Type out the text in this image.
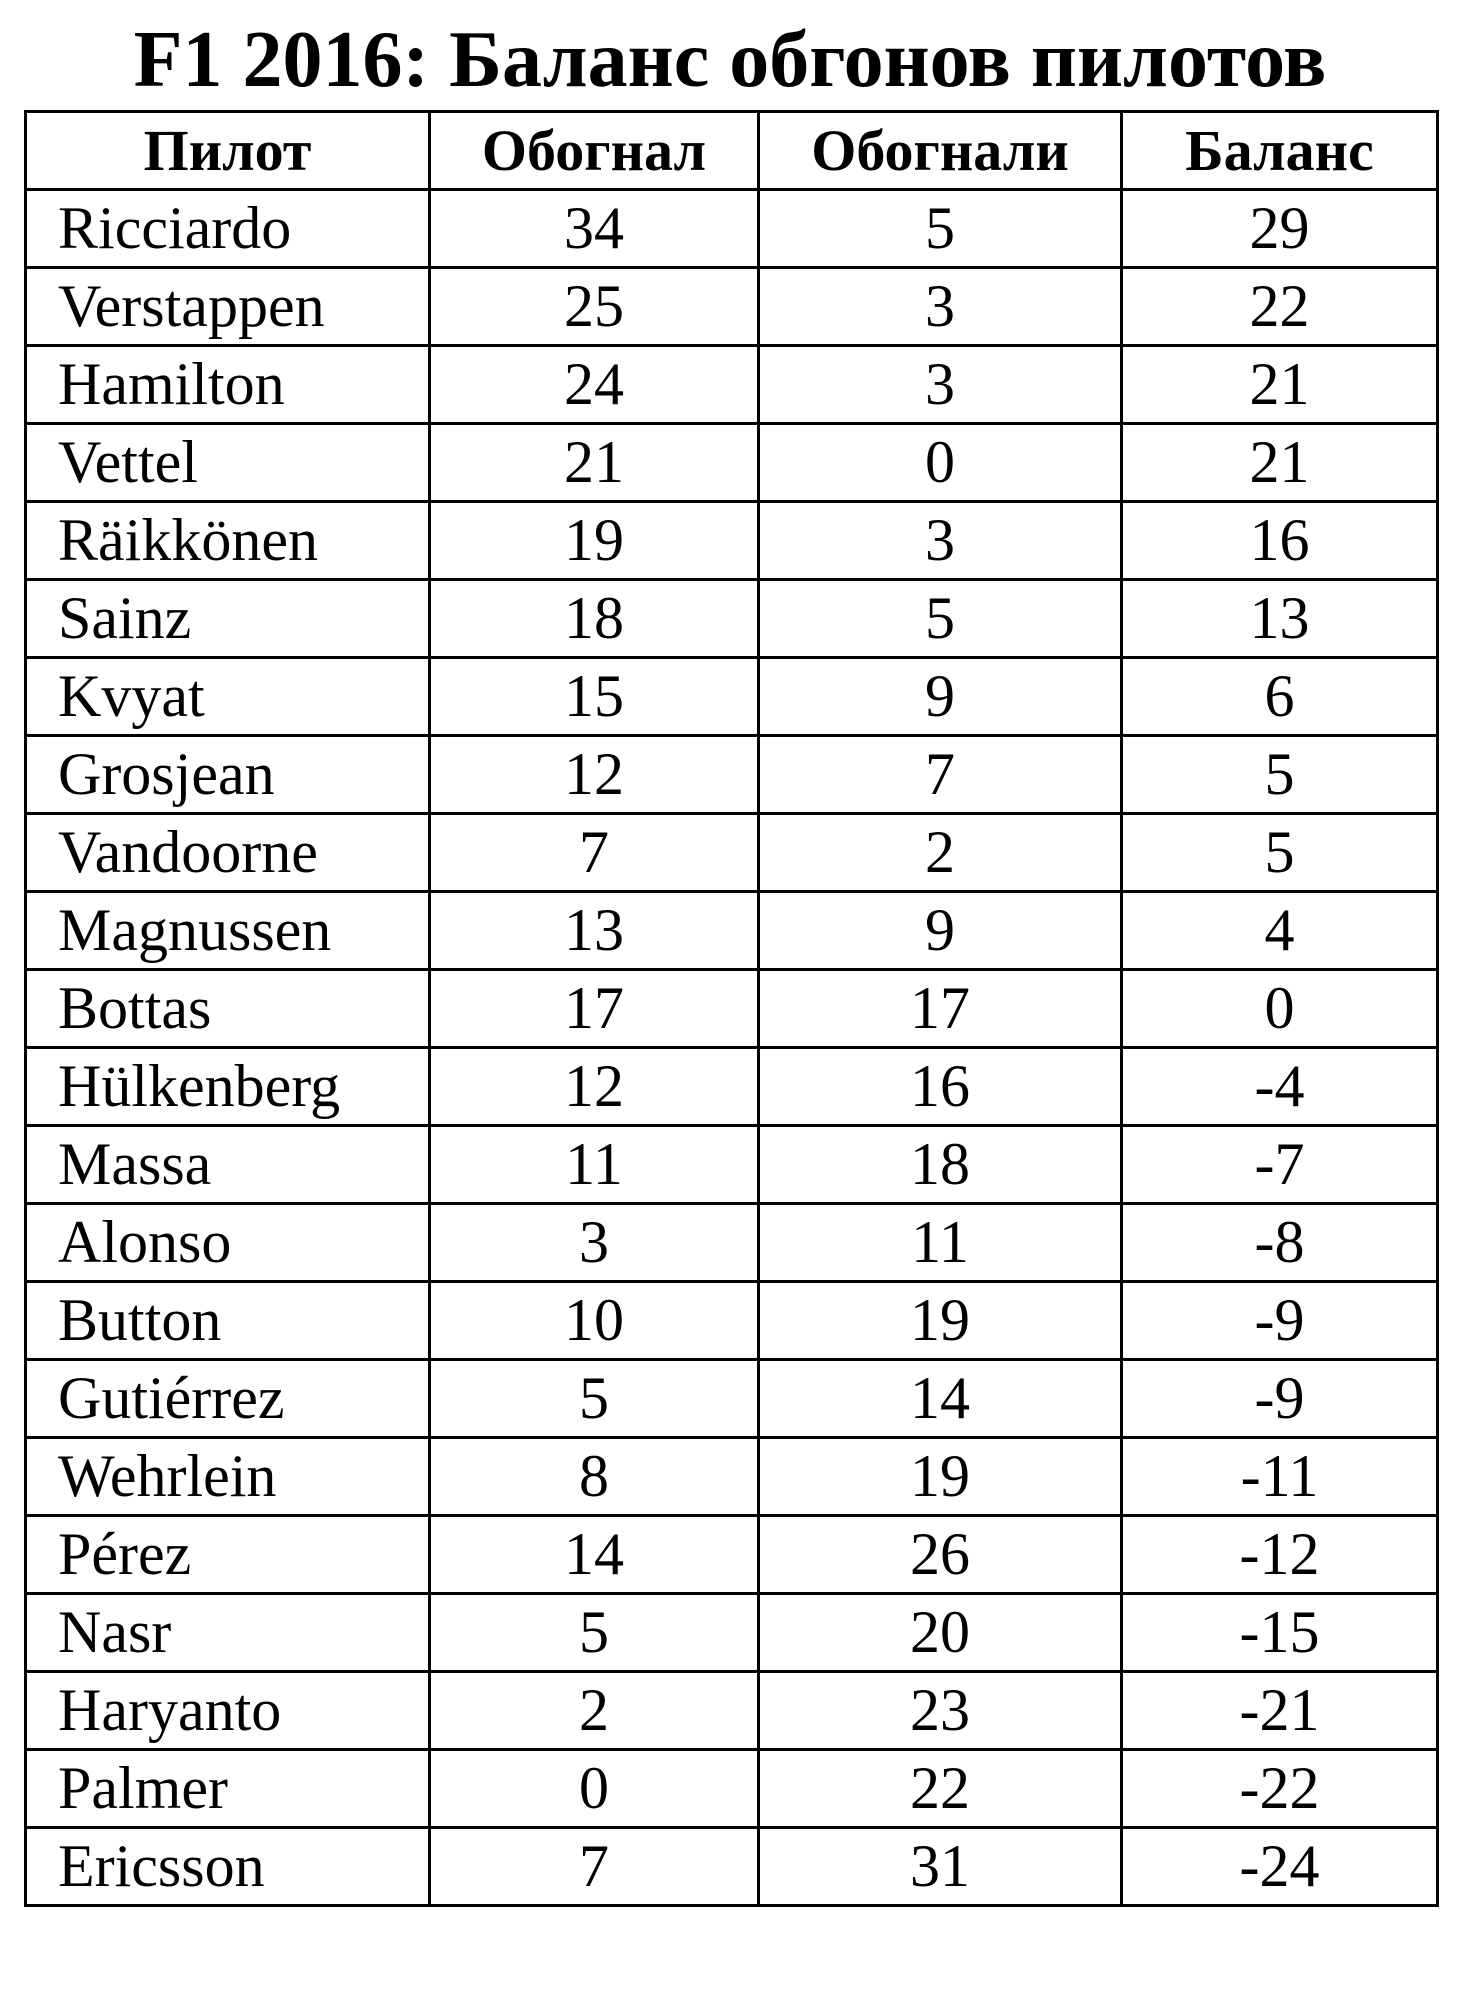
F1 2016: Баланс обгонов пилотов
Пилот	Обогнал	Обогнали	Баланс
Ricciardo	34	5	29
Verstappen	25	3	22
Hamilton	24	3	21
Vettel	21	0	21
Räikkönen	19	3	16
Sainz	18	5	13
Kvyat	15	9	6
Grosjean	12	7	5
Vandoorne	7	2	5
Magnussen	13	9	4
Bottas	17	17	0
Hülkenberg	12	16	-4
Massa	11	18	-7
Alonso	3	11	-8
Button	10	19	-9
Gutiérrez	5	14	-9
Wehrlein	8	19	-11
Pérez	14	26	-12
Nasr	5	20	-15
Haryanto	2	23	-21
Palmer	0	22	-22
Ericsson	7	31	-24
